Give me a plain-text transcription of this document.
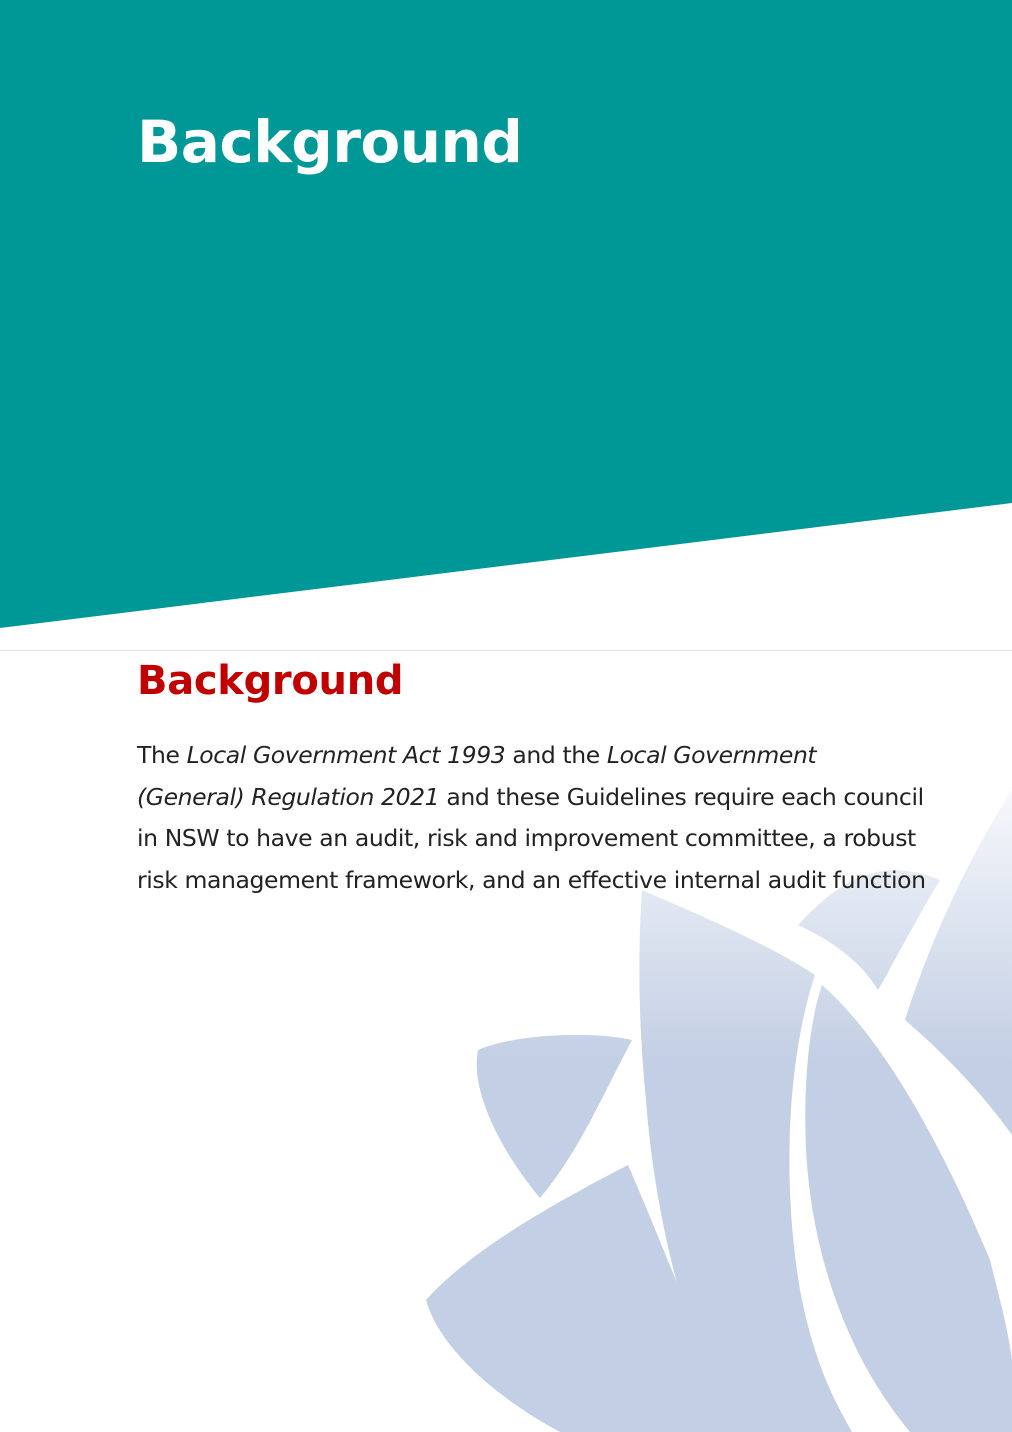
Background
Background

The Local Government Act 1993 and the Local Government (General) Regulation 2021 and these Guidelines require each council in NSW to have an audit, risk and improvement committee, a robust risk management framework, and an effective internal audit function
